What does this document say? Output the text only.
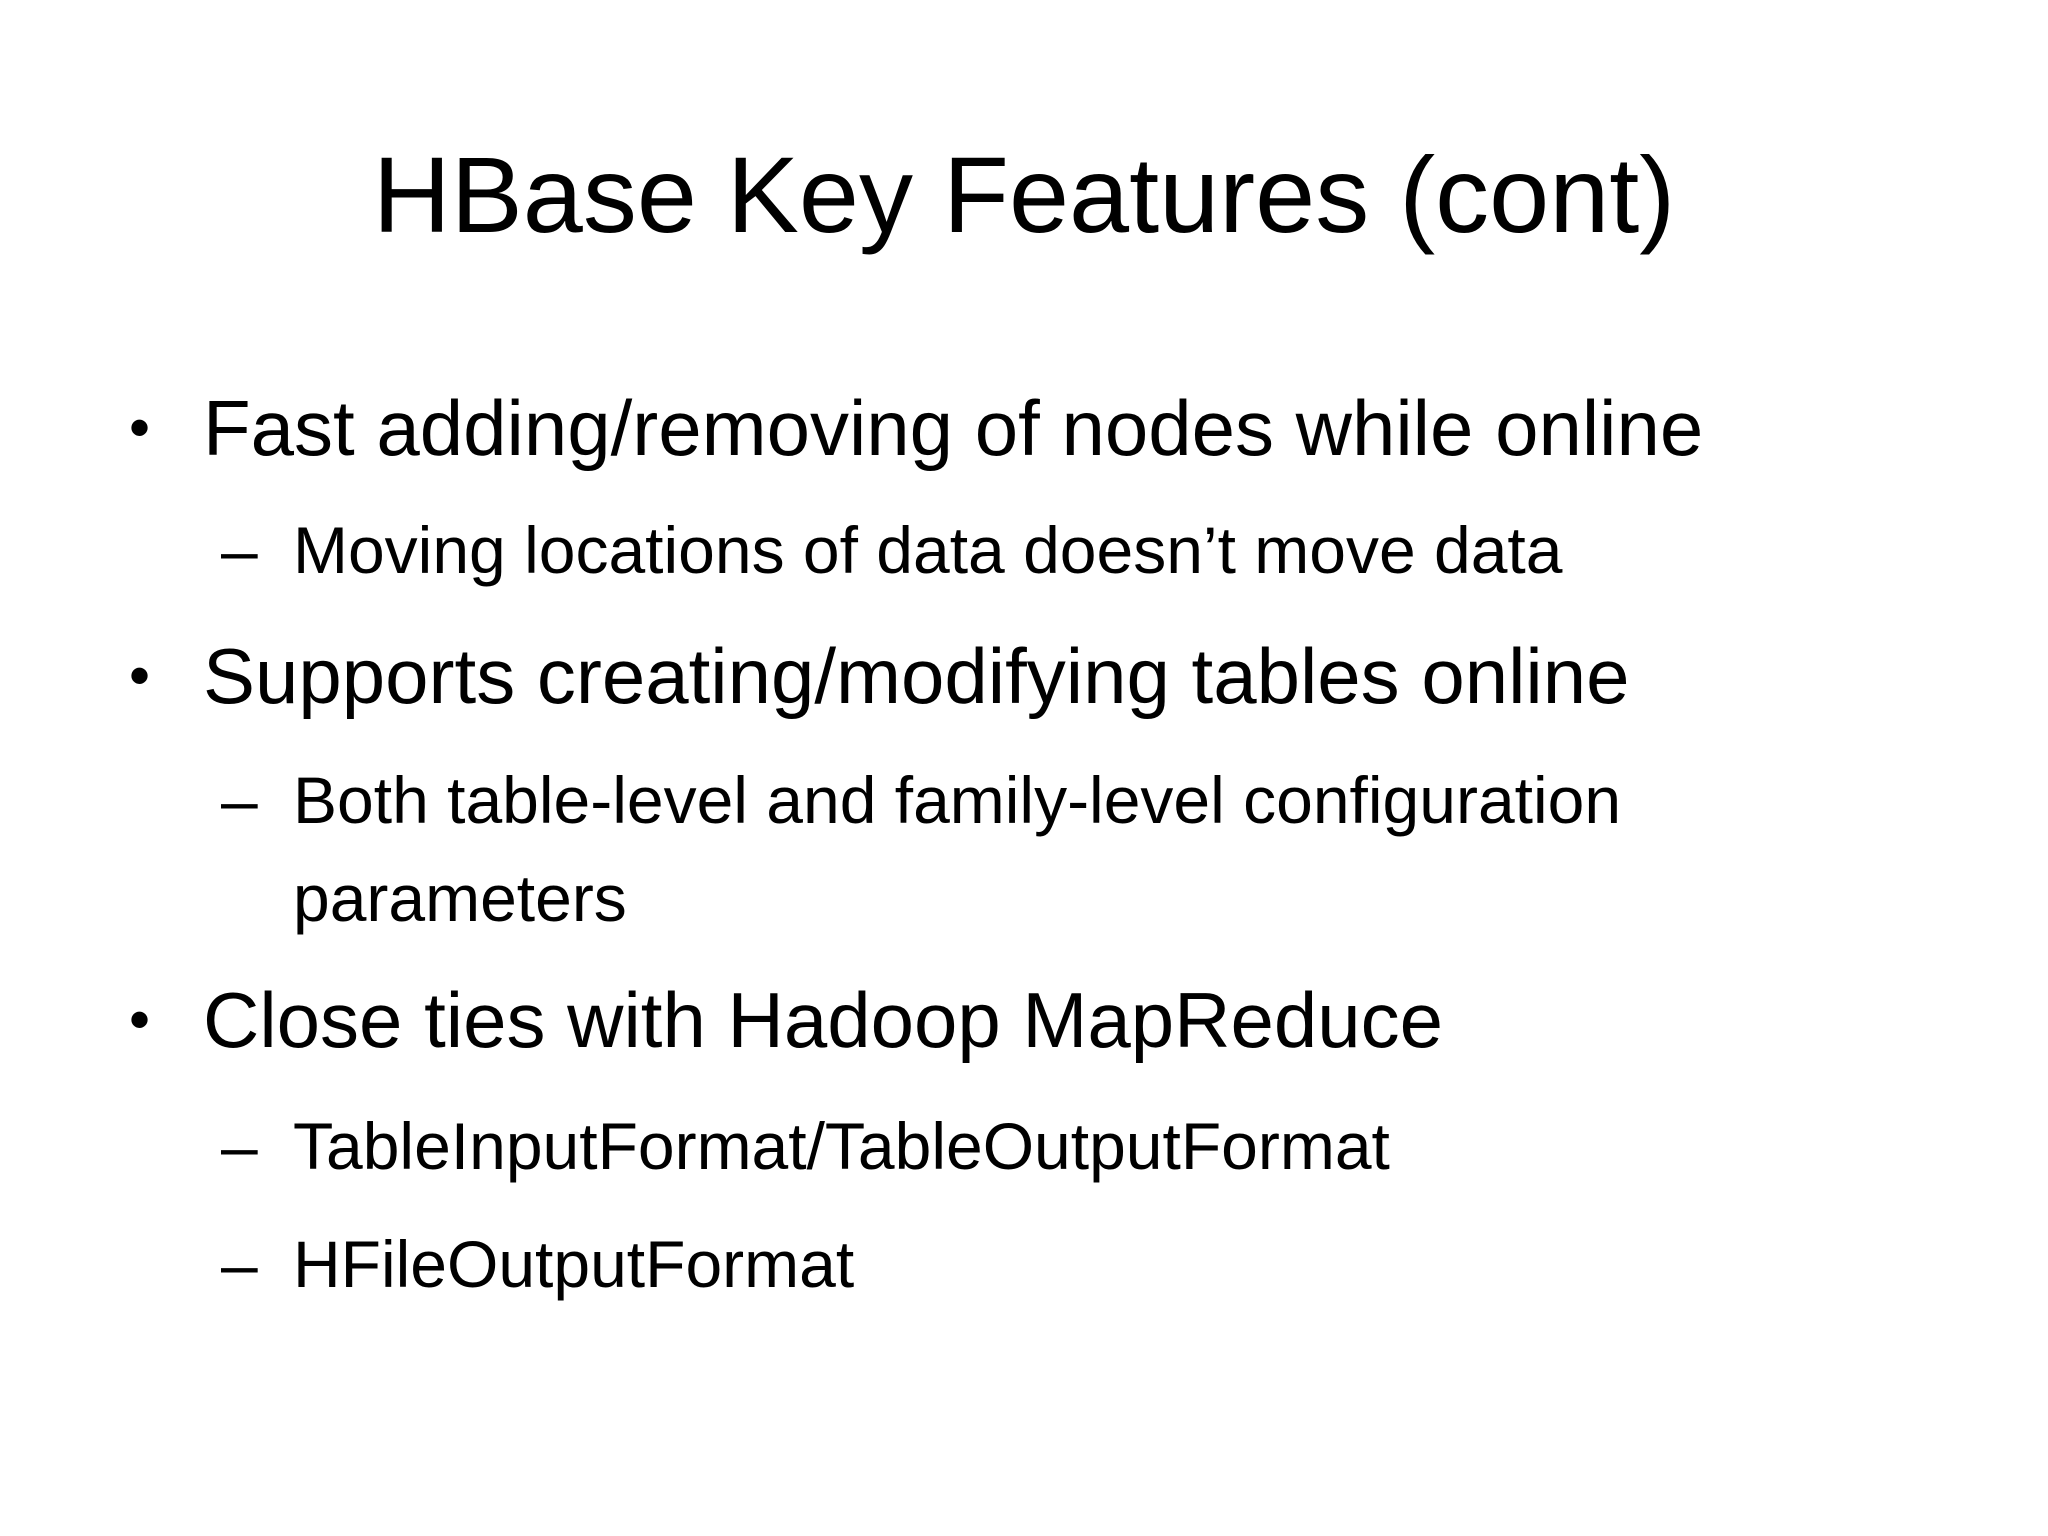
HBase Key Features (cont)
• Fast adding/removing of nodes while online
– Moving locations of data doesn’t move data
• Supports creating/modifying tables online
– Both table-level and family-level configuration
parameters
• Close ties with Hadoop MapReduce
– TableInputFormat/TableOutputFormat
– HFileOutputFormat
